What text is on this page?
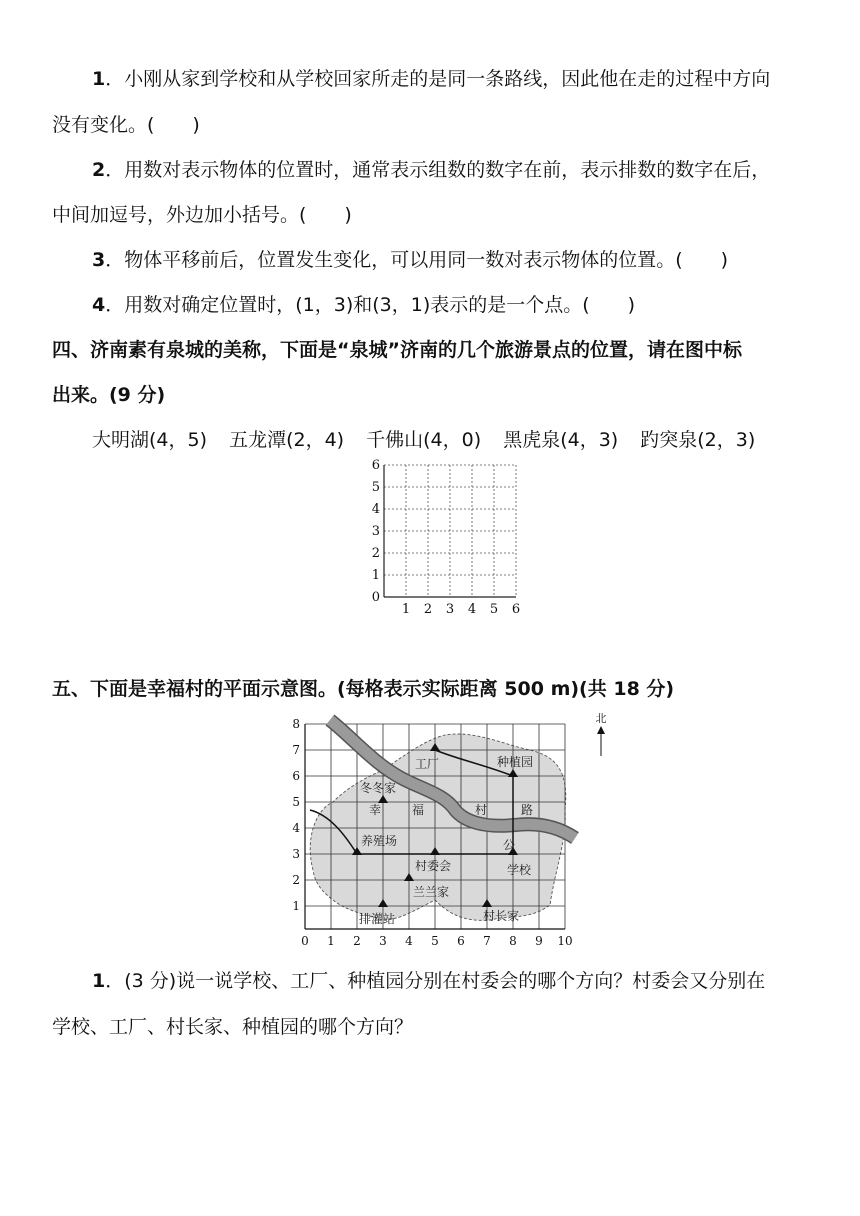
1．小刚从家到学校和从学校回家所走的是同一条路线，因此他在走的过程中方向
没有变化。(　　)
2．用数对表示物体的位置时，通常表示组数的数字在前，表示排数的数字在后，
中间加逗号，外边加小括号。(　　)
3．物体平移前后，位置发生变化，可以用同一数对表示物体的位置。(　　)
4．用数对确定位置时，(1，3)和(3，1)表示的是一个点。(　　)
四、济南素有泉城的美称，下面是“泉城”济南的几个旅游景点的位置，请在图中标
出来。(9 分)
大明湖(4，5) 五龙潭(2，4) 千佛山(4，0) 黑虎泉(4，3) 趵突泉(2，3)
0
1
2
3
4
5
6
1 2 3 4 5 6
五、下面是幸福村的平面示意图。(每格表示实际距离 500 m)(共 18 分)
工厂	种植园
冬冬家
幸	福	村	路
养殖场	公
村委会	学校
兰兰家
排灌站	村长家
1
2
3
4
5
6
7
8
0 1 2 3 4 5 6 7 8 9 10
北
1．(3 分)说一说学校、工厂、种植园分别在村委会的哪个方向？村委会又分别在
学校、工厂、村长家、种植园的哪个方向？
